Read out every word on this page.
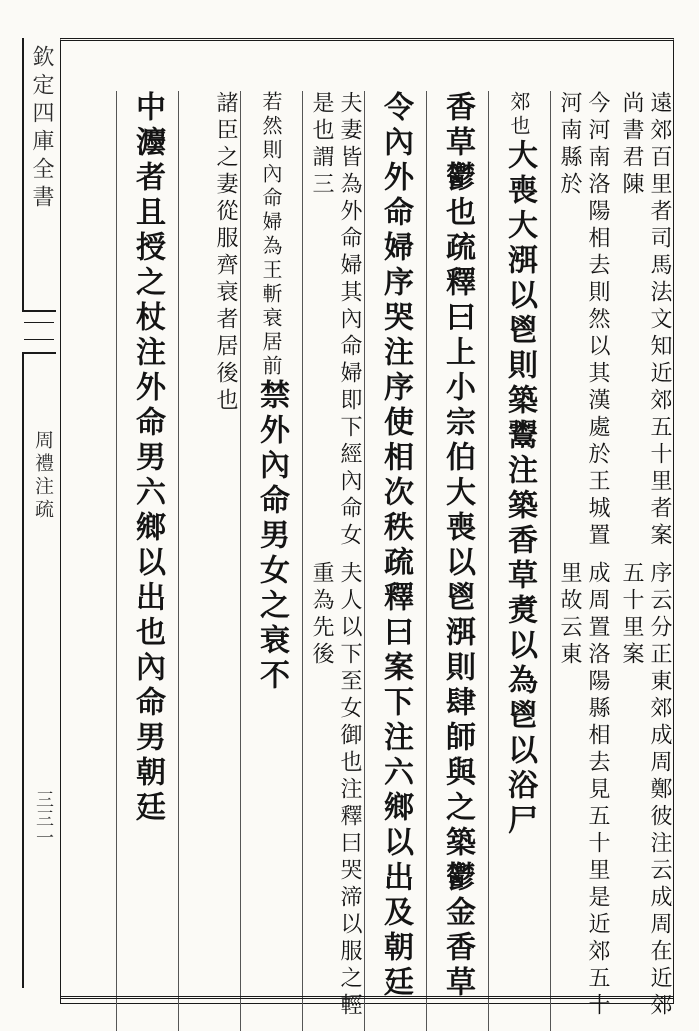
欽定四庫全書
周禮注疏
三三一
遠郊百里者司馬法文知近郊五十里者案尚書君陳
序云分正東郊成周鄭彼注云成周在近郊五十里案
今河南洛陽相去則然以其漢處於王城置河南縣於
成周置洛陽縣相去見五十里是近郊五十里故云東
郊也大喪大渳以鬯則築鬻注築香草煑以為鬯以浴尸
香草鬱也疏釋曰上小宗伯大喪以鬯渳則肆師與之築鬱金香草
令內外命婦序哭注序使相次秩疏釋曰案下注六鄉以出及朝廷
夫妻皆為外命婦其內命婦即下經內命女是也謂三
夫人以下至女御也注釋曰哭渧以服之輕重為先後
若然則內命婦為王斬衰居前禁外內命男女之衰不
諸臣之妻從服齊衰者居後也
中灋者且授之杖注外命男六鄉以出也內命男朝廷
